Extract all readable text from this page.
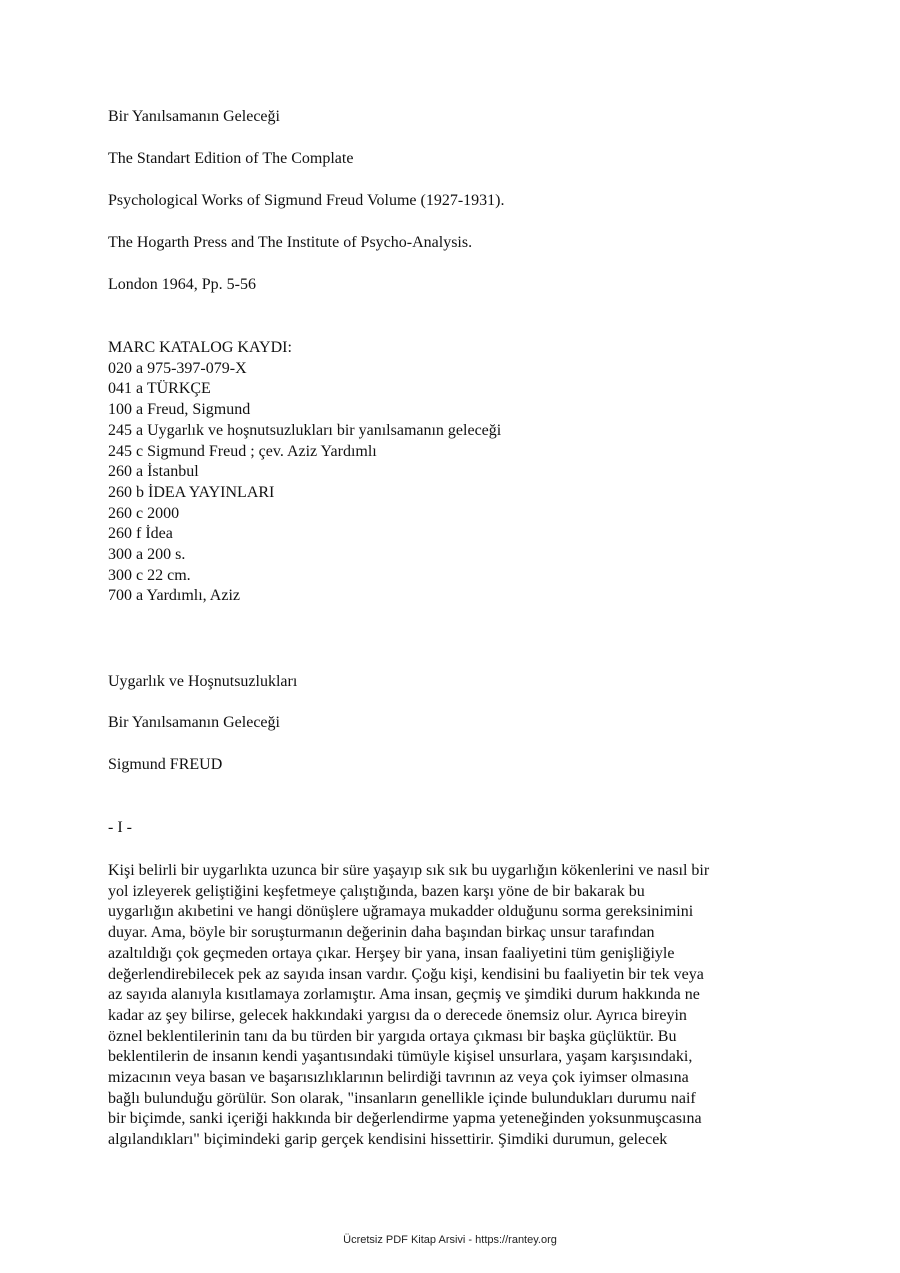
Bir Yanılsamanın Geleceği
The Standart Edition of The Complate
Psychological Works of Sigmund Freud Volume (1927-1931).
The Hogarth Press and The Institute of Psycho-Analysis.
London 1964, Pp. 5-56
MARC KATALOG KAYDI:
020 a 975-397-079-X
041 a TÜRKÇE
100 a Freud, Sigmund
245 a Uygarlık ve hoşnutsuzlukları bir yanılsamanın geleceği
245 c Sigmund Freud ; çev. Aziz Yardımlı
260 a İstanbul
260 b İDEA YAYINLARI
260 c 2000
260 f İdea
300 a 200 s.
300 c 22 cm.
700 a Yardımlı, Aziz
Uygarlık ve Hoşnutsuzlukları
Bir Yanılsamanın Geleceği
Sigmund FREUD
- I -
Kişi belirli bir uygarlıkta uzunca bir süre yaşayıp sık sık bu uygarlığın kökenlerini ve nasıl bir
yol izleyerek geliştiğini keşfetmeye çalıştığında, bazen karşı yöne de bir bakarak bu
uygarlığın akıbetini ve hangi dönüşlere uğramaya mukadder olduğunu sorma gereksinimini
duyar. Ama, böyle bir soruşturmanın değerinin daha başından birkaç unsur tarafından
azaltıldığı çok geçmeden ortaya çıkar. Herşey bir yana, insan faaliyetini tüm genişliğiyle
değerlendirebilecek pek az sayıda insan vardır. Çoğu kişi, kendisini bu faaliyetin bir tek veya
az sayıda alanıyla kısıtlamaya zorlamıştır. Ama insan, geçmiş ve şimdiki durum hakkında ne
kadar az şey bilirse, gelecek hakkındaki yargısı da o derecede önemsiz olur. Ayrıca bireyin
öznel beklentilerinin tanı da bu türden bir yargıda ortaya çıkması bir başka güçlüktür. Bu
beklentilerin de insanın kendi yaşantısındaki tümüyle kişisel unsurlara, yaşam karşısındaki,
mizacının veya basan ve başarısızlıklarının belirdiği tavrının az veya çok iyimser olmasına
bağlı bulunduğu görülür. Son olarak, "insanların genellikle içinde bulundukları durumu naif
bir biçimde, sanki içeriği hakkında bir değerlendirme yapma yeteneğinden yoksunmuşcasına
algılandıkları" biçimindeki garip gerçek kendisini hissettirir. Şimdiki durumun, gelecek
Ücretsiz PDF Kitap Arsivi - https://rantey.org
